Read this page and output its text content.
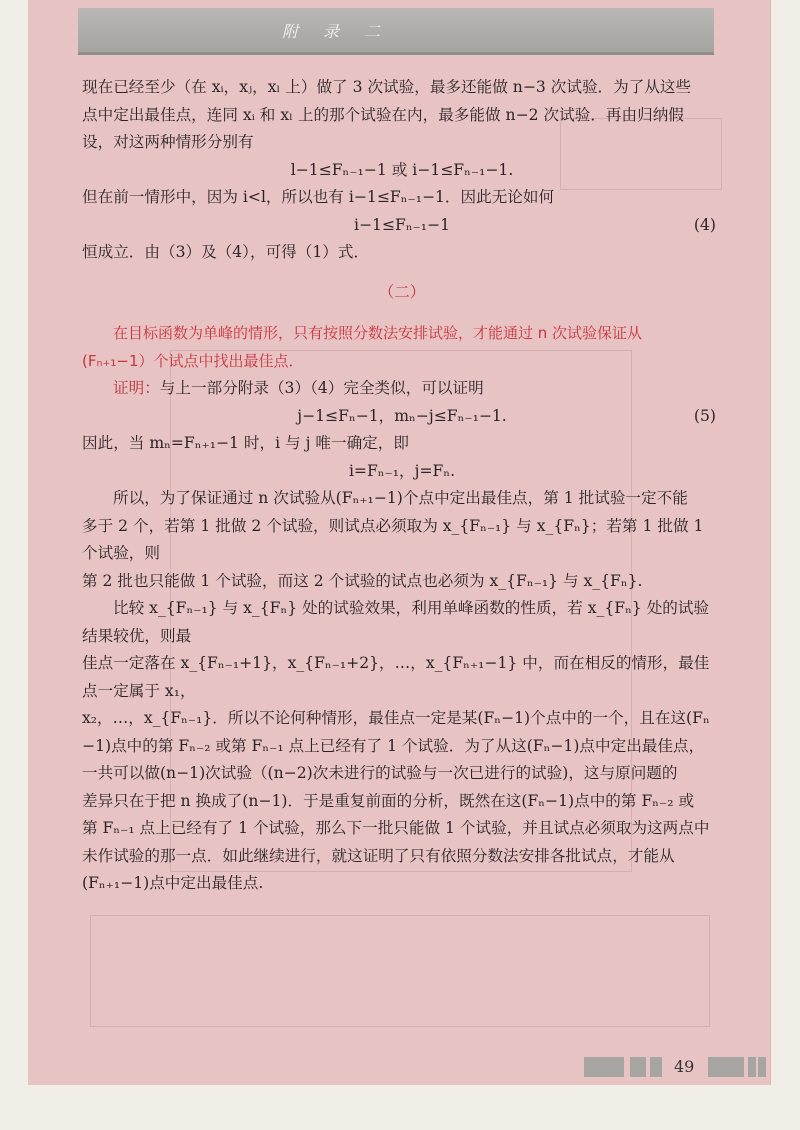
附 录 二

现在已经至少（在 xᵢ，xⱼ，xₗ 上）做了 3 次试验，最多还能做 n−3 次试验．为了从这些

点中定出最佳点，连同 xᵢ 和 xₗ 上的那个试验在内，最多能做 n−2 次试验．再由归纳假

设，对这两种情形分别有

l−1≤Fₙ₋₁−1 或 i−1≤Fₙ₋₁−1.

但在前一情形中，因为 i<l，所以也有 i−1≤Fₙ₋₁−1．因此无论如何

i−1≤Fₙ₋₁−1	(4)

恒成立．由（3）及（4），可得（1）式．

（二）

在目标函数为单峰的情形，只有按照分数法安排试验，才能通过 n 次试验保证从

(Fₙ₊₁−1）个试点中找出最佳点．

证明：与上一部分附录（3）（4）完全类似，可以证明

j−1≤Fₙ−1，mₙ−j≤Fₙ₋₁−1.	(5)

因此，当 mₙ=Fₙ₊₁−1 时，i 与 j 唯一确定，即

i=Fₙ₋₁，j=Fₙ.

所以，为了保证通过 n 次试验从(Fₙ₊₁−1)个点中定出最佳点，第 1 批试验一定不能

多于 2 个，若第 1 批做 2 个试验，则试点必须取为 x_{Fₙ₋₁} 与 x_{Fₙ}；若第 1 批做 1 个试验，则

第 2 批也只能做 1 个试验，而这 2 个试验的试点也必须为 x_{Fₙ₋₁} 与 x_{Fₙ}.

比较 x_{Fₙ₋₁} 与 x_{Fₙ} 处的试验效果，利用单峰函数的性质，若 x_{Fₙ} 处的试验结果较优，则最

佳点一定落在 x_{Fₙ₋₁+1}，x_{Fₙ₋₁+2}，…，x_{Fₙ₊₁−1} 中，而在相反的情形，最佳点一定属于 x₁，

x₂，…，x_{Fₙ₋₁}．所以不论何种情形，最佳点一定是某(Fₙ−1)个点中的一个，且在这(Fₙ

−1)点中的第 Fₙ₋₂ 或第 Fₙ₋₁ 点上已经有了 1 个试验．为了从这(Fₙ−1)点中定出最佳点，

一共可以做(n−1)次试验（(n−2)次未进行的试验与一次已进行的试验)，这与原问题的

差异只在于把 n 换成了(n−1)．于是重复前面的分析，既然在这(Fₙ−1)点中的第 Fₙ₋₂ 或

第 Fₙ₋₁ 点上已经有了 1 个试验，那么下一批只能做 1 个试验，并且试点必须取为这两点中

未作试验的那一点．如此继续进行，就这证明了只有依照分数法安排各批试点，才能从

(Fₙ₊₁−1)点中定出最佳点.

49
